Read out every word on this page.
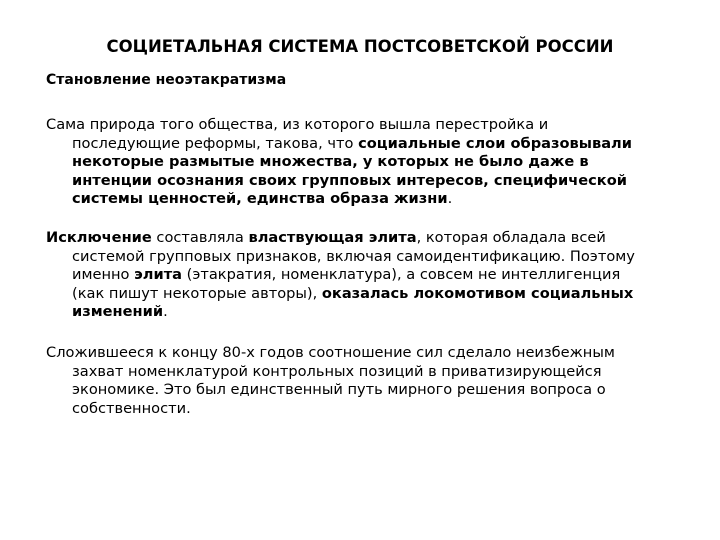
СОЦИЕТАЛЬНАЯ СИСТЕМА ПОСТСОВЕТСКОЙ РОССИИ
Становление неоэтакратизма
Сама природа того общества, из которого вышла перестройка и
последующие реформы, такова, что социальные слои образовывали
некоторые размытые множества, у которых не было даже в
интенции осознания своих групповых интересов, специфической
системы ценностей, единства образа жизни.
Исключение составляла властвующая элита, которая обладала всей
системой групповых признаков, включая самоидентификацию. Поэтому
именно элита (этакратия, номенклатура), а совсем не интеллигенция
(как пишут некоторые авторы), оказалась локомотивом социальных
изменений.
Сложившееся к концу 80-х годов соотношение сил сделало неизбежным
захват номенклатурой контрольных позиций в приватизирующейся
экономике. Это был единственный путь мирного решения вопроса о
собственности.
